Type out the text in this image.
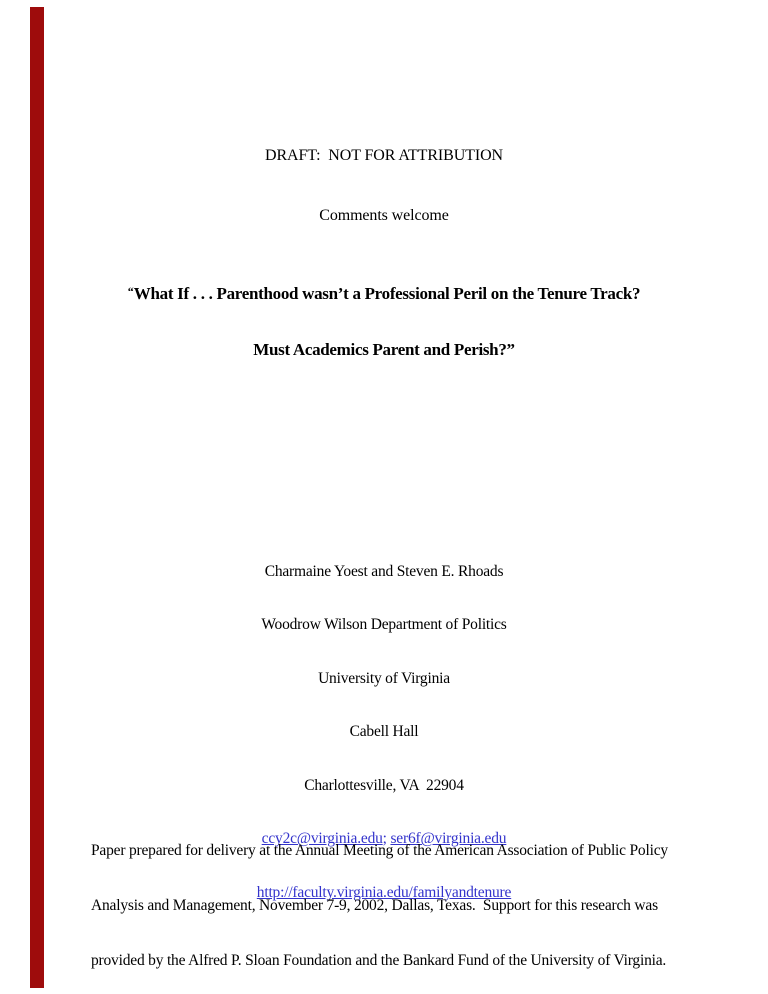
DRAFT:  NOT FOR ATTRIBUTION

Comments welcome

“What If . . . Parenthood wasn’t a Professional Peril on the Tenure Track?

Must Academics Parent and Perish?”

Charmaine Yoest and Steven E. Rhoads

Woodrow Wilson Department of Politics

University of Virginia

Cabell Hall

Charlottesville, VA  22904

ccy2c@virginia.edu; ser6f@virginia.edu

http://faculty.virginia.edu/familyandtenure

Paper prepared for delivery at the Annual Meeting of the American Association of Public Policy

Analysis and Management, November 7-9, 2002, Dallas, Texas.  Support for this research was

provided by the Alfred P. Sloan Foundation and the Bankard Fund of the University of Virginia.
